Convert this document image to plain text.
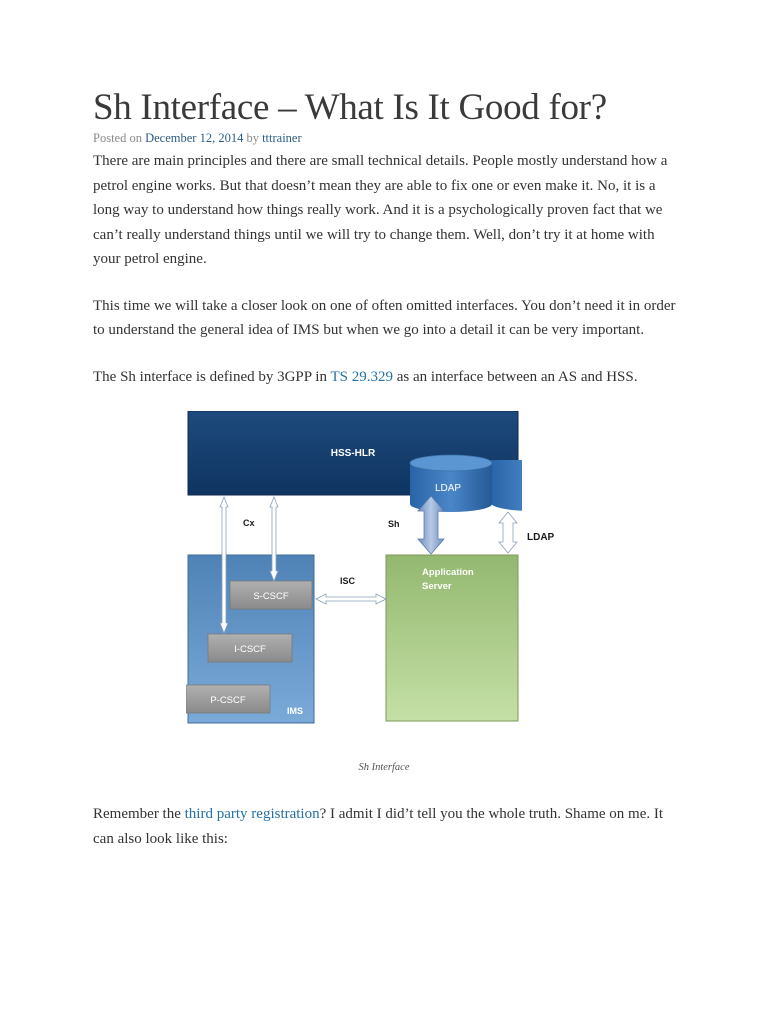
Sh Interface – What Is It Good for?
Posted on December 12, 2014 by tttrainer

There are main principles and there are small technical details. People mostly understand how a petrol engine works. But that doesn’t mean they are able to fix one or even make it. No, it is a long way to understand how things really work. And it is a psychologically proven fact that we can’t really understand things until we will try to change them. Well, don’t try it at home with your petrol engine.

This time we will take a closer look on one of often omitted interfaces. You don’t need it in order to understand the general idea of IMS but when we go into a detail it can be very important.

The Sh interface is defined by 3GPP in TS 29.329 as an interface between an AS and HSS.

HSS-HLR
LDAP
IMS
S-CSCF
I-CSCF
P-CSCF
Application
Server
Cx	Sh
ISC
LDAP
Sh Interface

Remember the third party registration? I admit I did’t tell you the whole truth. Shame on me. It can also look like this:
